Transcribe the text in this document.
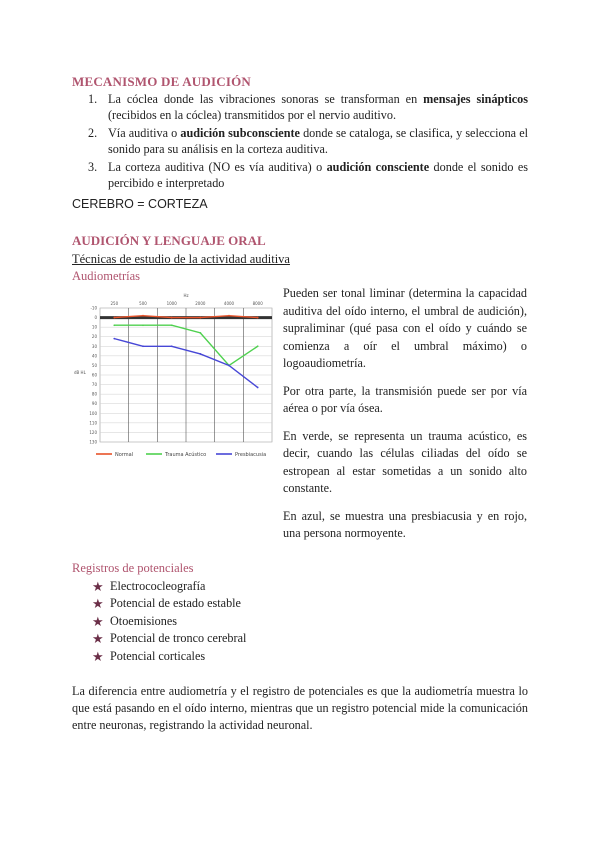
MECANISMO DE AUDICIÓN
1. La cóclea donde las vibraciones sonoras se transforman en mensajes sinápticos (recibidos en la cóclea) transmitidos por el nervio auditivo.
2. Vía auditiva o audición subconsciente donde se cataloga, se clasifica, y selecciona el sonido para su análisis en la corteza auditiva.
3. La corteza auditiva (NO es vía auditiva) o audición consciente donde el sonido es percibido e interpretado
CEREBRO = CORTEZA
AUDICIÓN Y LENGUAJE ORAL
Técnicas de estudio de la actividad auditiva
Audiometrías
Hz
dB HL
250	500	1000	2000	4000	8000
-10
0
10
20
30
40
50
60
70
80
90
100
110
120
130
Normal	Trauma Acústico	Presbiacusia

Pueden ser tonal liminar (determina la capacidad auditiva del oído interno, el umbral de audición), supraliminar (qué pasa con el oído y cuándo se comienza a oír el umbral máximo) o logoaudiometría.

Por otra parte, la transmisión puede ser por vía aérea o por vía ósea.

En verde, se representa un trauma acústico, es decir, cuando las células ciliadas del oído se estropean al estar sometidas a un sonido alto constante.

En azul, se muestra una presbiacusia y en rojo, una persona normoyente.

Registros de potenciales
★ Electrococleografía
★ Potencial de estado estable
★ Otoemisiones
★ Potencial de tronco cerebral
★ Potencial corticales
La diferencia entre audiometría y el registro de potenciales es que la audiometría muestra lo que está pasando en el oído interno, mientras que un registro potencial mide la comunicación entre neuronas, registrando la actividad neuronal.
